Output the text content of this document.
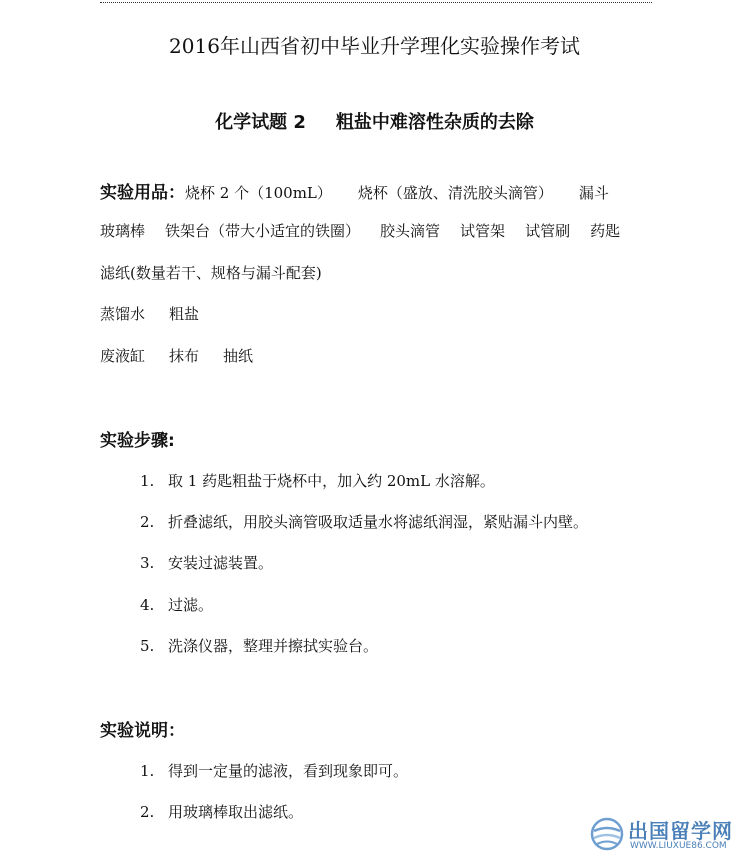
2016年山西省初中毕业升学理化实验操作考试
化学试题 2 粗盐中难溶性杂质的去除
实验用品：烧杯 2 个（100mL） 烧杯（盛放、清洗胶头滴管） 漏斗
玻璃棒 铁架台（带大小适宜的铁圈） 胶头滴管 试管架 试管刷 药匙
滤纸(数量若干、规格与漏斗配套)
蒸馏水 粗盐
废液缸 抹布 抽纸
实验步骤:
1. 取 1 药匙粗盐于烧杯中，加入约 20mL 水溶解。
2. 折叠滤纸，用胶头滴管吸取适量水将滤纸润湿，紧贴漏斗内壁。
3. 安装过滤装置。
4. 过滤。
5. 洗涤仪器，整理并擦拭实验台。
实验说明：
1. 得到一定量的滤液，看到现象即可。
2. 用玻璃棒取出滤纸。
出国留学网
WWW.LIUXUE86.COM
